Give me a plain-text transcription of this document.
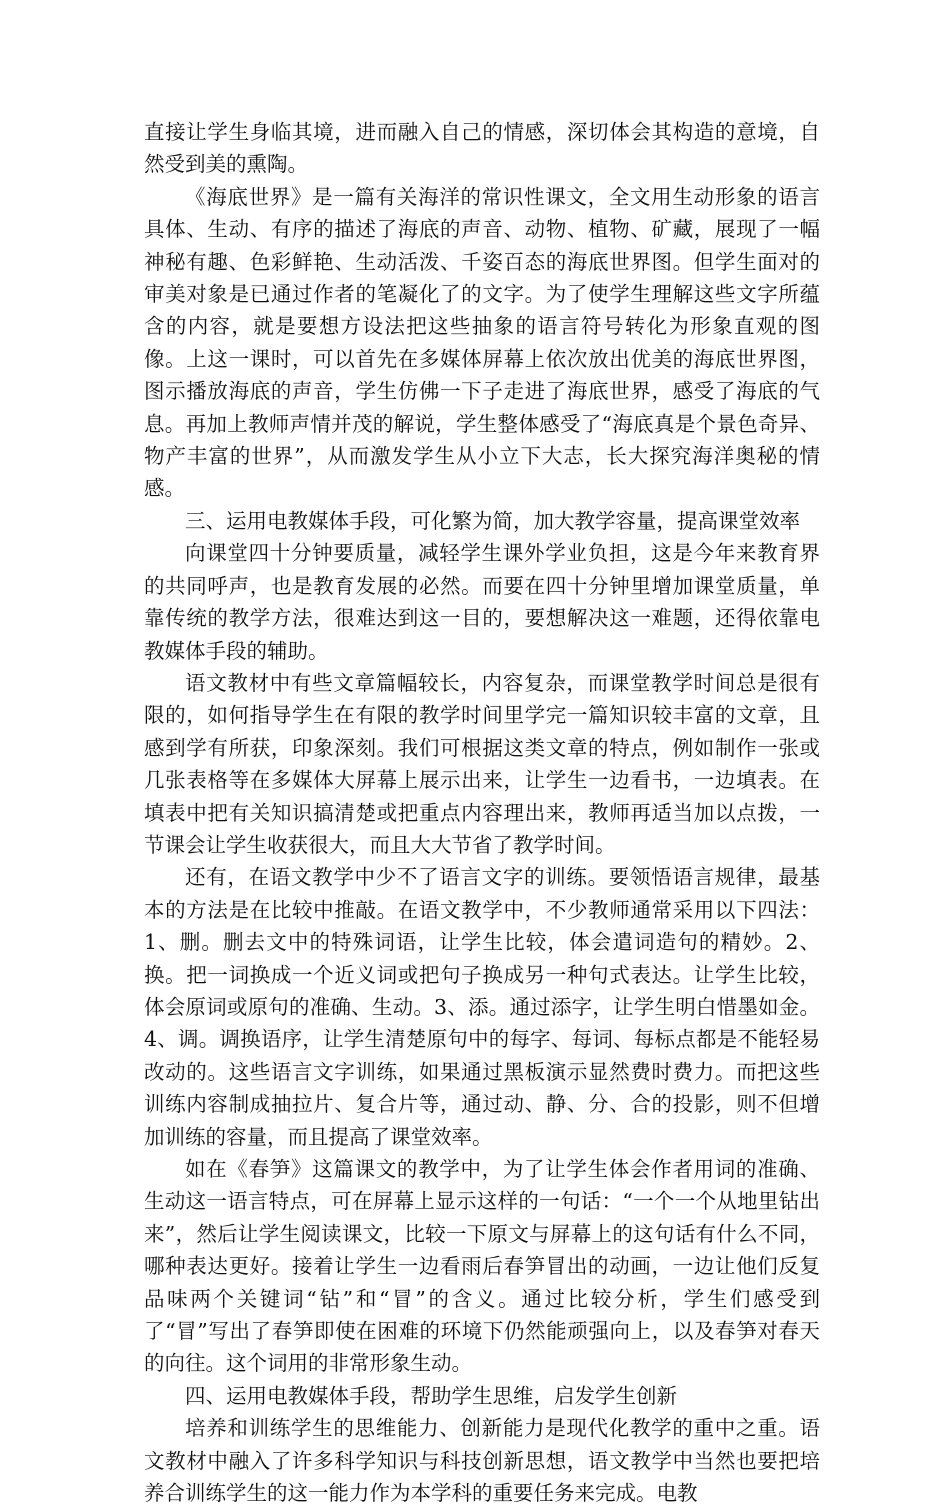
直接让学生身临其境，进而融入自己的情感，深切体会其构造的意境，自然受到美的熏陶。

《海底世界》是一篇有关海洋的常识性课文，全文用生动形象的语言具体、生动、有序的描述了海底的声音、动物、植物、矿藏，展现了一幅神秘有趣、色彩鲜艳、生动活泼、千姿百态的海底世界图。但学生面对的审美对象是已通过作者的笔凝化了的文字。为了使学生理解这些文字所蕴含的内容，就是要想方设法把这些抽象的语言符号转化为形象直观的图像。上这一课时，可以首先在多媒体屏幕上依次放出优美的海底世界图，图示播放海底的声音，学生仿佛一下子走进了海底世界，感受了海底的气息。再加上教师声情并茂的解说，学生整体感受了“海底真是个景色奇异、物产丰富的世界”，从而激发学生从小立下大志，长大探究海洋奥秘的情感。

三、运用电教媒体手段，可化繁为简，加大教学容量，提高课堂效率

向课堂四十分钟要质量，减轻学生课外学业负担，这是今年来教育界的共同呼声，也是教育发展的必然。而要在四十分钟里增加课堂质量，单靠传统的教学方法，很难达到这一目的，要想解决这一难题，还得依靠电教媒体手段的辅助。

语文教材中有些文章篇幅较长，内容复杂，而课堂教学时间总是很有限的，如何指导学生在有限的教学时间里学完一篇知识较丰富的文章，且感到学有所获，印象深刻。我们可根据这类文章的特点，例如制作一张或几张表格等在多媒体大屏幕上展示出来，让学生一边看书，一边填表。在填表中把有关知识搞清楚或把重点内容理出来，教师再适当加以点拨，一节课会让学生收获很大，而且大大节省了教学时间。

还有，在语文教学中少不了语言文字的训练。要领悟语言规律，最基本的方法是在比较中推敲。在语文教学中，不少教师通常采用以下四法：1、删。删去文中的特殊词语，让学生比较，体会遣词造句的精妙。2、换。把一词换成一个近义词或把句子换成另一种句式表达。让学生比较，体会原词或原句的准确、生动。3、添。通过添字，让学生明白惜墨如金。4、调。调换语序，让学生清楚原句中的每字、每词、每标点都是不能轻易改动的。这些语言文字训练，如果通过黑板演示显然费时费力。而把这些训练内容制成抽拉片、复合片等，通过动、静、分、合的投影，则不但增加训练的容量，而且提高了课堂效率。

如在《春笋》这篇课文的教学中，为了让学生体会作者用词的准确、生动这一语言特点，可在屏幕上显示这样的一句话：“一个一个从地里钻出来”，然后让学生阅读课文，比较一下原文与屏幕上的这句话有什么不同，哪种表达更好。接着让学生一边看雨后春笋冒出的动画，一边让他们反复品味两个关键词“钻”和“冒”的含义。通过比较分析，学生们感受到了“冒”写出了春笋即使在困难的环境下仍然能顽强向上，以及春笋对春天的向往。这个词用的非常形象生动。

四、运用电教媒体手段，帮助学生思维，启发学生创新

培养和训练学生的思维能力、创新能力是现代化教学的重中之重。语文教材中融入了许多科学知识与科技创新思想，语文教学中当然也要把培养合训练学生的这一能力作为本学科的重要任务来完成。电教
